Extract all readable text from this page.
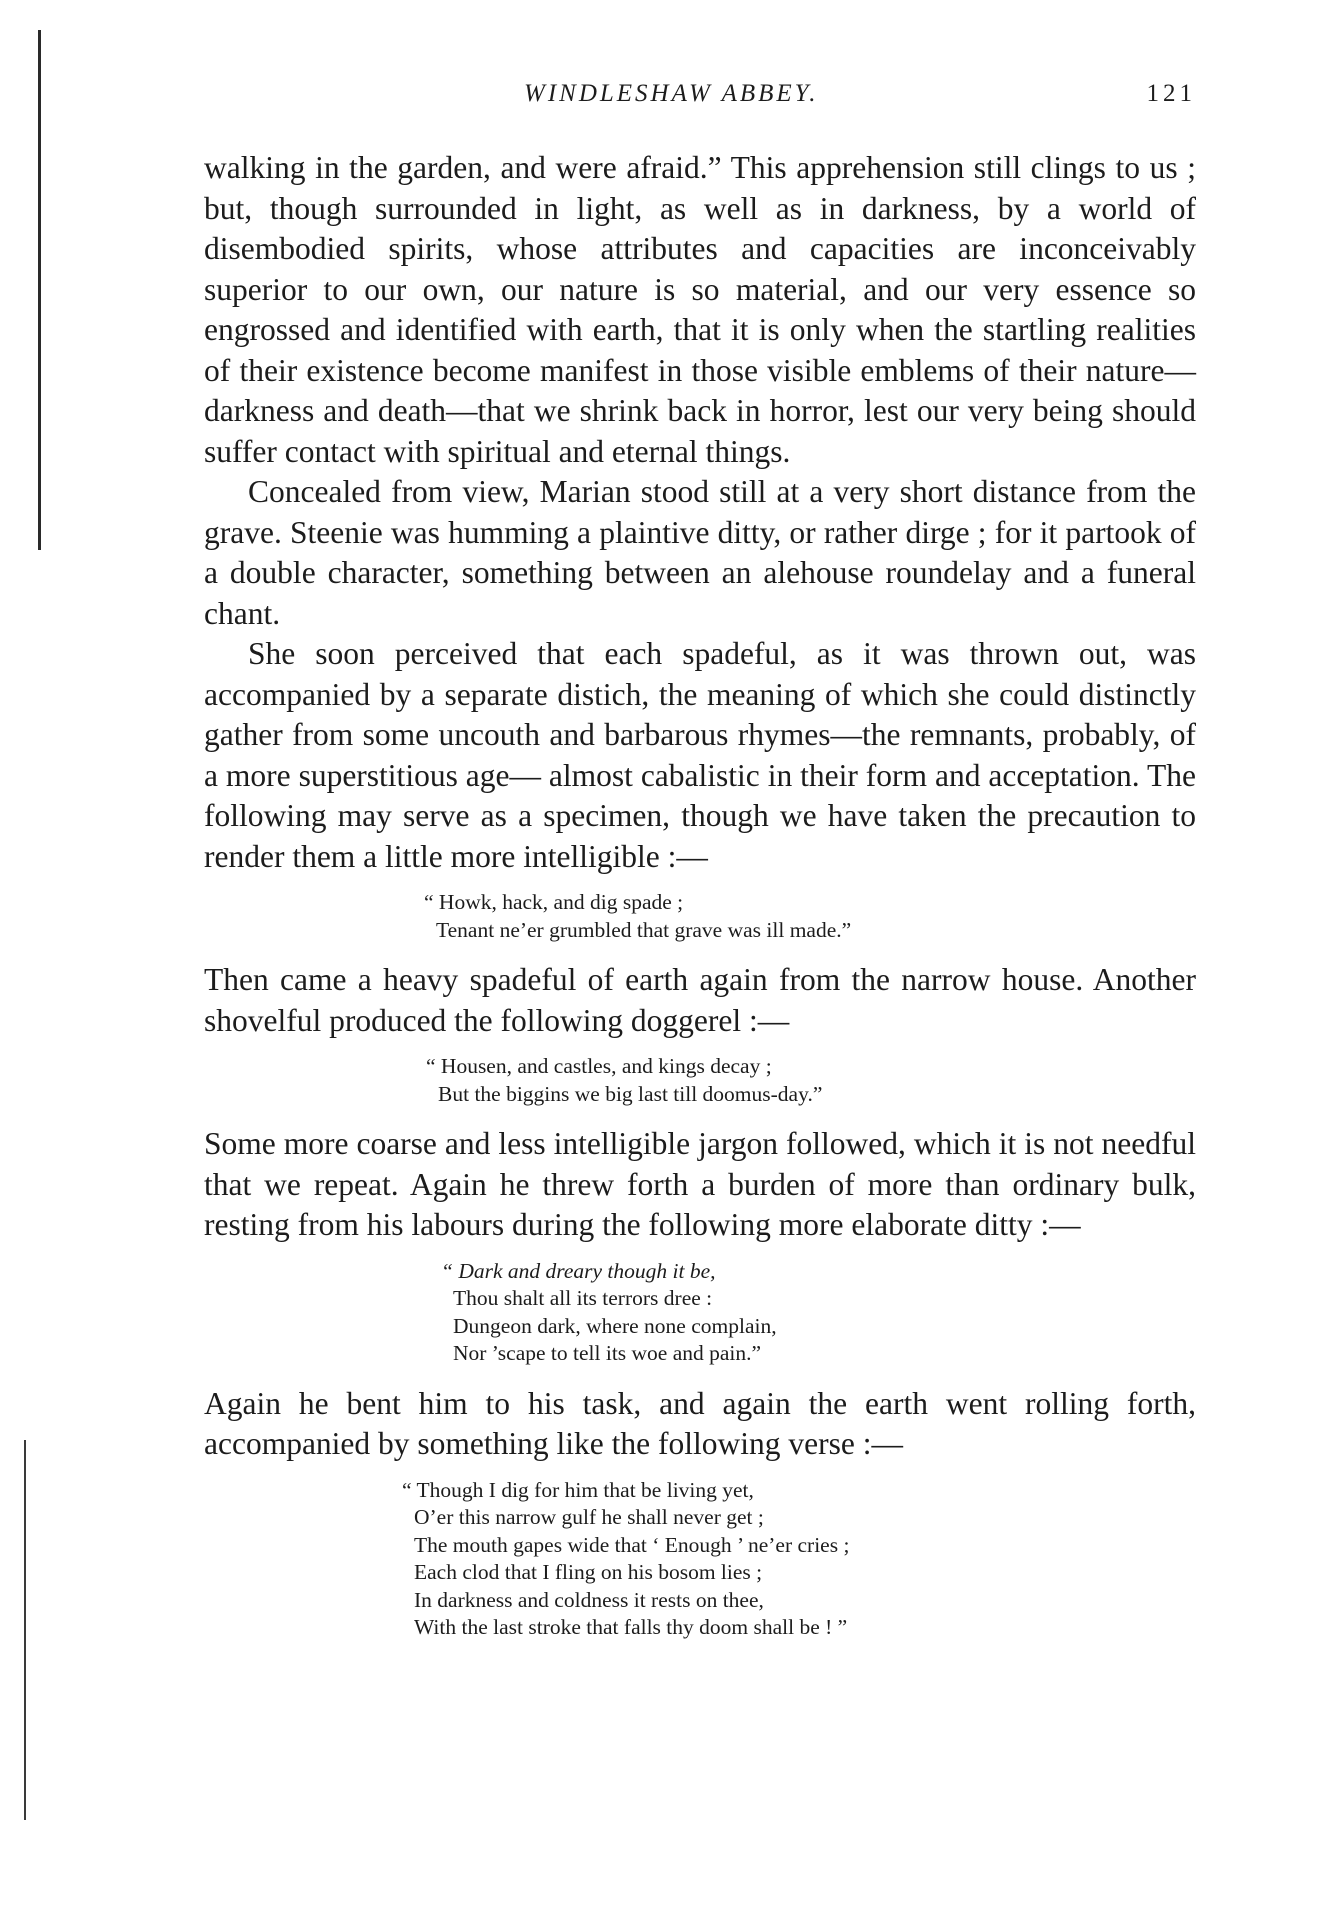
WINDLESHAW ABBEY.	121

walking in the garden, and were afraid.” This apprehension still clings to us ; but, though surrounded in light, as well as in darkness, by a world of disembodied spirits, whose attributes and capacities are inconceivably superior to our own, our nature is so material, and our very essence so engrossed and identified with earth, that it is only when the startling realities of their existence become manifest in those visible emblems of their nature—darkness and death—that we shrink back in horror, lest our very being should suffer contact with spiritual and eternal things.

Concealed from view, Marian stood still at a very short distance from the grave. Steenie was humming a plaintive ditty, or rather dirge ; for it partook of a double character, something between an alehouse roundelay and a funeral chant.

She soon perceived that each spadeful, as it was thrown out, was accompanied by a separate distich, the meaning of which she could distinctly gather from some uncouth and barbarous rhymes—the remnants, probably, of a more superstitious age— almost cabalistic in their form and acceptation. The following may serve as a specimen, though we have taken the precaution to render them a little more intelligible :—

“ Howk, hack, and dig spade ;
Tenant ne’er grumbled that grave was ill made.”

Then came a heavy spadeful of earth again from the narrow house. Another shovelful produced the following doggerel :—

“ Housen, and castles, and kings decay ;
But the biggins we big last till doomus-day.”

Some more coarse and less intelligible jargon followed, which it is not needful that we repeat. Again he threw forth a burden of more than ordinary bulk, resting from his labours during the following more elaborate ditty :—

“ Dark and dreary though it be,
Thou shalt all its terrors dree :
Dungeon dark, where none complain,
Nor ’scape to tell its woe and pain.”

Again he bent him to his task, and again the earth went rolling forth, accompanied by something like the following verse :—

“ Though I dig for him that be living yet,
O’er this narrow gulf he shall never get ;
The mouth gapes wide that ‘ Enough ’ ne’er cries ;
Each clod that I fling on his bosom lies ;
In darkness and coldness it rests on thee,
With the last stroke that falls thy doom shall be ! ”
